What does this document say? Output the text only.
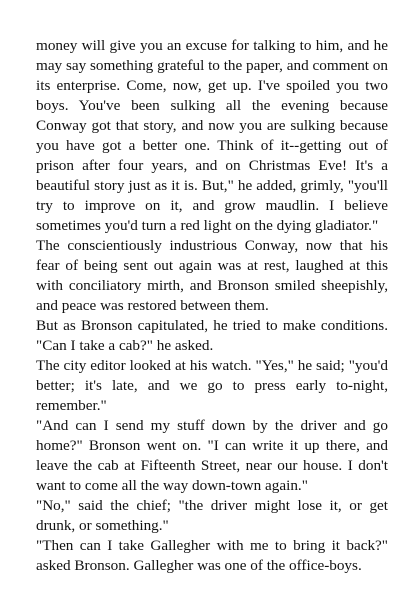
money will give you an excuse for talking to him, and he may say something grateful to the paper, and comment on its enterprise. Come, now, get up. I've spoiled you two boys. You've been sulking all the evening because Conway got that story, and now you are sulking because you have got a better one. Think of it--getting out of prison after four years, and on Christmas Eve! It's a beautiful story just as it is. But," he added, grimly, "you'll try to improve on it, and grow maudlin. I believe sometimes you'd turn a red light on the dying gladiator."

The conscientiously industrious Conway, now that his fear of being sent out again was at rest, laughed at this with conciliatory mirth, and Bronson smiled sheepishly, and peace was restored between them.

But as Bronson capitulated, he tried to make conditions. "Can I take a cab?" he asked.

The city editor looked at his watch. "Yes," he said; "you'd better; it's late, and we go to press early to-night, remember."

"And can I send my stuff down by the driver and go home?" Bronson went on. "I can write it up there, and leave the cab at Fifteenth Street, near our house. I don't want to come all the way down-town again."

"No," said the chief; "the driver might lose it, or get drunk, or something."

"Then can I take Gallegher with me to bring it back?" asked Bronson. Gallegher was one of the office-boys.
